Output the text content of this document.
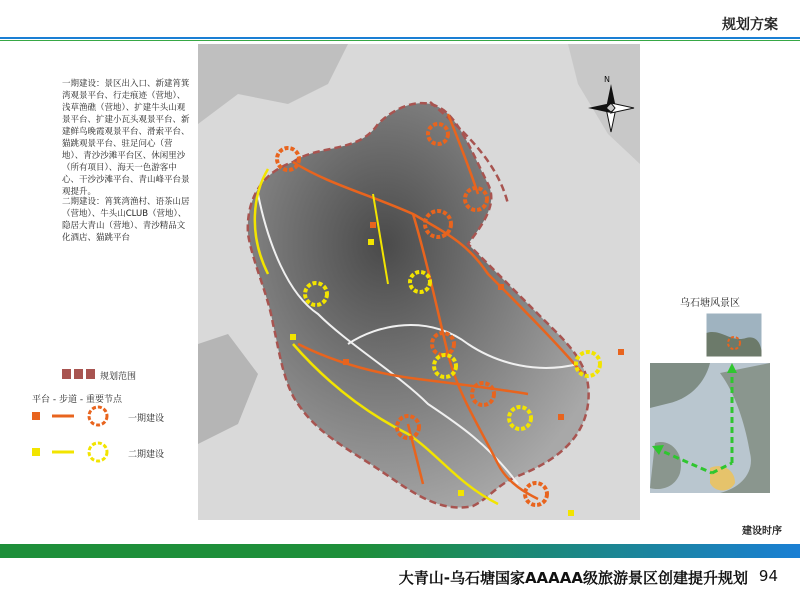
规划方案
一期建设：景区出入口、新建筲箕湾观景平台、行走痕迹（营地）、浅草渔礁（营地）、扩建牛头山观景平台、扩建小瓦头观景平台、新建鲜鸟晚霞观景平台、滑索平台、猫跳观景平台、驻足问心（营地）、青沙沙滩平台区、休闲里沙（所有项目）、海天一色游客中心、干沙沙滩平台、青山峰平台景观提升。
二期建设：筲箕湾渔村、语茶山居（营地）、牛头山CLUB（营地）、隐居大青山（营地）、青沙精品文化酒店、猫跳平台
N
规划范围
平台 - 步道 - 重要节点
一期建设
二期建设
乌石塘风景区
建设时序
大青山-乌石塘国家AAAAA级旅游景区创建提升规划 94
